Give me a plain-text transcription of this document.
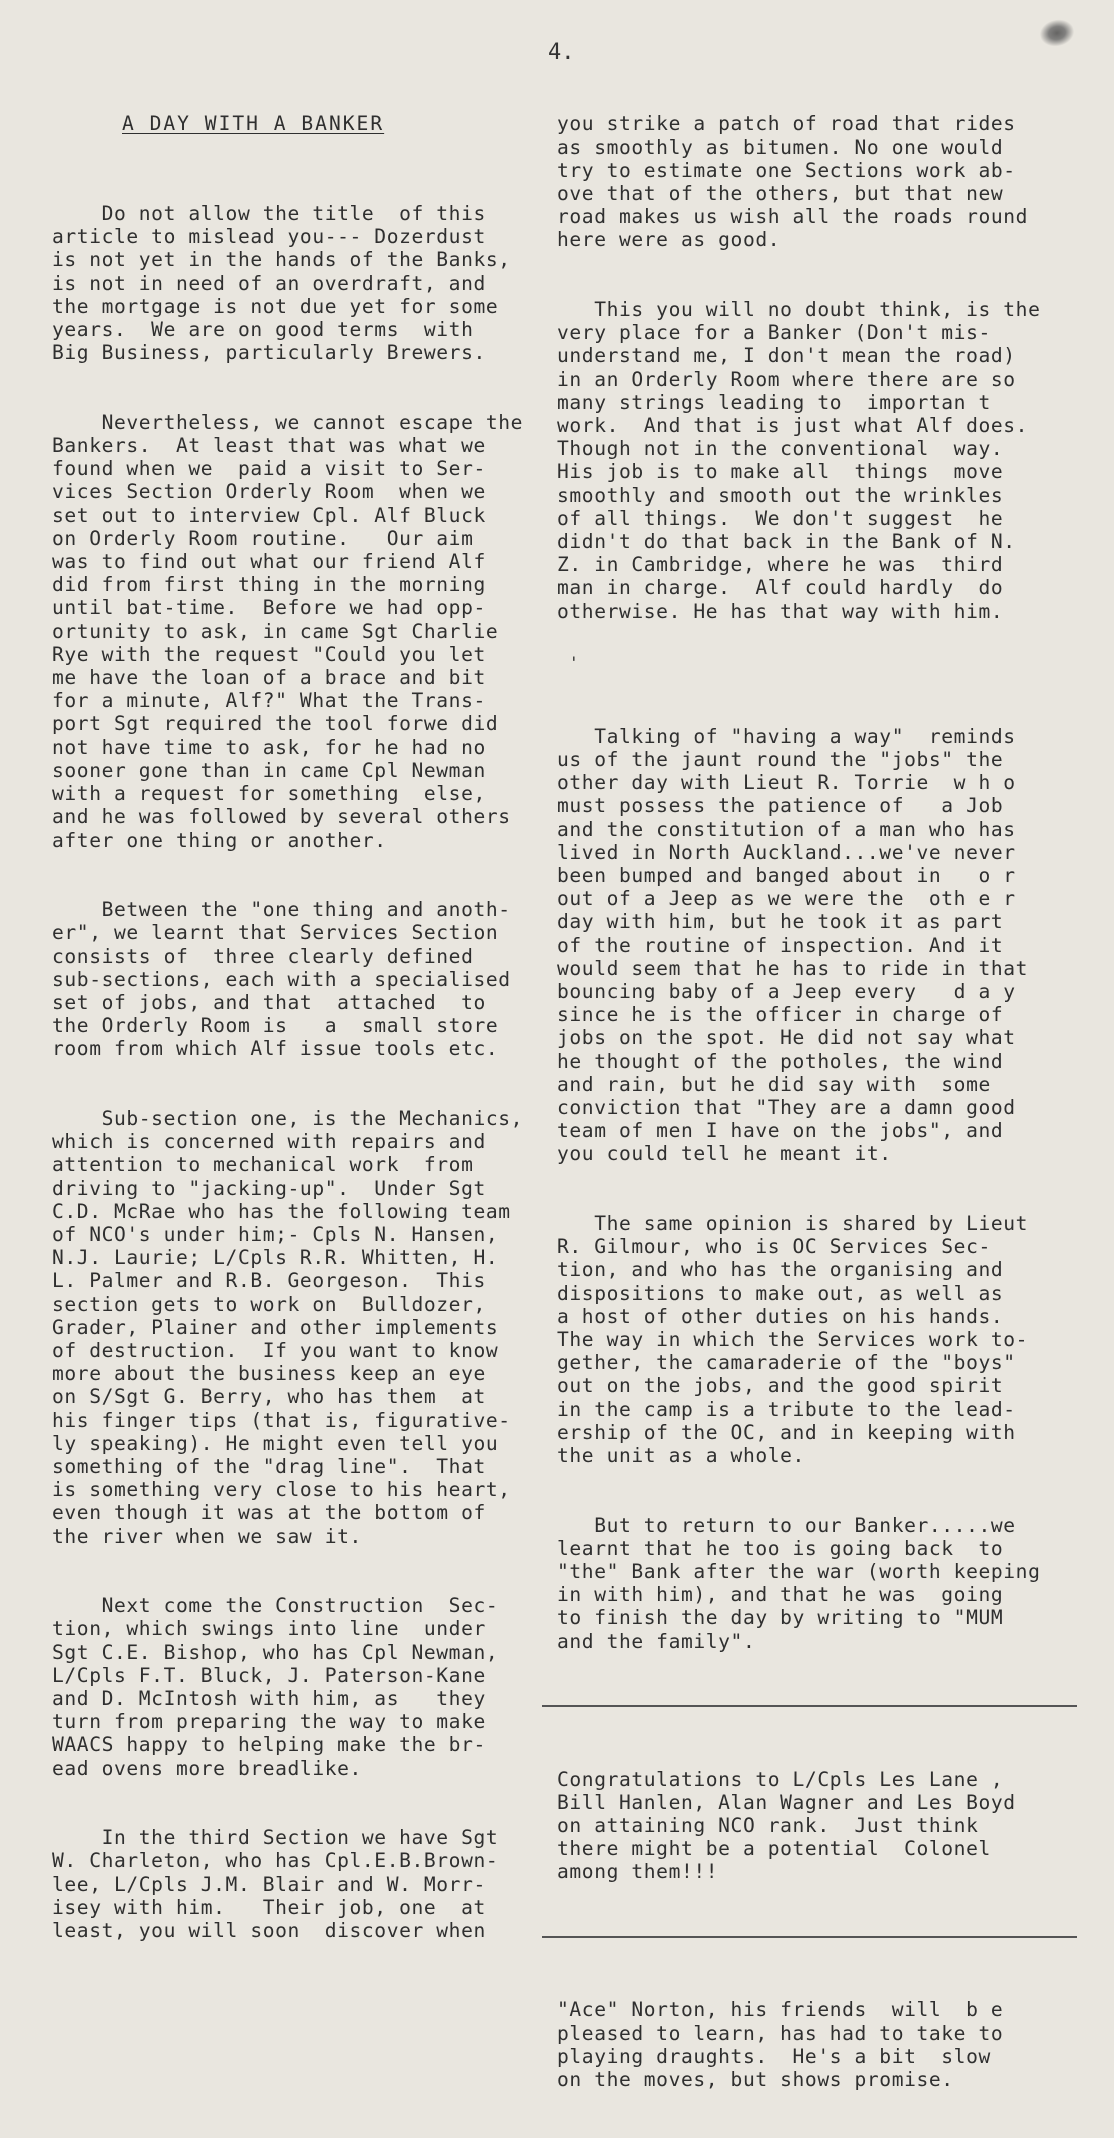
4.

A DAY WITH A BANKER

Do not allow the title  of this
article to mislead you--- Dozerdust
is not yet in the hands of the Banks,
is not in need of an overdraft, and
the mortgage is not due yet for some
years.  We are on good terms  with
Big Business, particularly Brewers.

Nevertheless, we cannot escape the
Bankers.  At least that was what we
found when we  paid a visit to Ser-
vices Section Orderly Room  when we
set out to interview Cpl. Alf Bluck
on Orderly Room routine.   Our aim
was to find out what our friend Alf
did from first thing in the morning
until bat-time.  Before we had opp-
ortunity to ask, in came Sgt Charlie
Rye with the request "Could you let
me have the loan of a brace and bit
for a minute, Alf?" What the Trans-
port Sgt required the tool forwe did
not have time to ask, for he had no
sooner gone than in came Cpl Newman
with a request for something  else,
and he was followed by several others
after one thing or another.

Between the "one thing and anoth-
er", we learnt that Services Section
consists of  three clearly defined
sub-sections, each with a specialised
set of jobs, and that  attached  to
the Orderly Room is   a  small store
room from which Alf issue tools etc.

Sub-section one, is the Mechanics,
which is concerned with repairs and
attention to mechanical work  from
driving to "jacking-up".  Under Sgt
C.D. McRae who has the following team
of NCO's under him;- Cpls N. Hansen,
N.J. Laurie; L/Cpls R.R. Whitten, H.
L. Palmer and R.B. Georgeson.  This
section gets to work on  Bulldozer,
Grader, Plainer and other implements
of destruction.  If you want to know
more about the business keep an eye
on S/Sgt G. Berry, who has them  at
his finger tips (that is, figurative-
ly speaking). He might even tell you
something of the "drag line".  That
is something very close to his heart,
even though it was at the bottom of
the river when we saw it.

Next come the Construction  Sec-
tion, which swings into line  under
Sgt C.E. Bishop, who has Cpl Newman,
L/Cpls F.T. Bluck, J. Paterson-Kane
and D. McIntosh with him, as   they
turn from preparing the way to make
WAACS happy to helping make the br-
ead ovens more breadlike.

In the third Section we have Sgt
W. Charleton, who has Cpl.E.B.Brown-
lee, L/Cpls J.M. Blair and W. Morr-
isey with him.   Their job, one  at
least, you will soon  discover when

you strike a patch of road that rides
as smoothly as bitumen. No one would
try to estimate one Sections work ab-
ove that of the others, but that new
road makes us wish all the roads round
here were as good.

This you will no doubt think, is the
very place for a Banker (Don't mis-
understand me, I don't mean the road)
in an Orderly Room where there are so
many strings leading to  importan t
work.  And that is just what Alf does.
Though not in the conventional  way.
His job is to make all  things  move
smoothly and smooth out the wrinkles
of all things.  We don't suggest  he
didn't do that back in the Bank of N.
Z. in Cambridge, where he was  third
man in charge.  Alf could hardly  do
otherwise. He has that way with him.

'

Talking of "having a way"  reminds
us of the jaunt round the "jobs" the
other day with Lieut R. Torrie  w h o
must possess the patience of   a Job
and the constitution of a man who has
lived in North Auckland...we've never
been bumped and banged about in   o r
out of a Jeep as we were the  oth e r
day with him, but he took it as part
of the routine of inspection. And it
would seem that he has to ride in that
bouncing baby of a Jeep every   d a y
since he is the officer in charge of
jobs on the spot. He did not say what
he thought of the potholes, the wind
and rain, but he did say with  some
conviction that "They are a damn good
team of men I have on the jobs", and
you could tell he meant it.

The same opinion is shared by Lieut
R. Gilmour, who is OC Services Sec-
tion, and who has the organising and
dispositions to make out, as well as
a host of other duties on his hands.
The way in which the Services work to-
gether, the camaraderie of the "boys"
out on the jobs, and the good spirit
in the camp is a tribute to the lead-
ership of the OC, and in keeping with
the unit as a whole.

But to return to our Banker.....we
learnt that he too is going back  to
"the" Bank after the war (worth keeping
in with him), and that he was  going
to finish the day by writing to "MUM
and the family".

Congratulations to L/Cpls Les Lane ,
Bill Hanlen, Alan Wagner and Les Boyd
on attaining NCO rank.  Just think
there might be a potential  Colonel
among them!!!

"Ace" Norton, his friends  will  b e
pleased to learn, has had to take to
playing draughts.  He's a bit  slow
on the moves, but shows promise.
